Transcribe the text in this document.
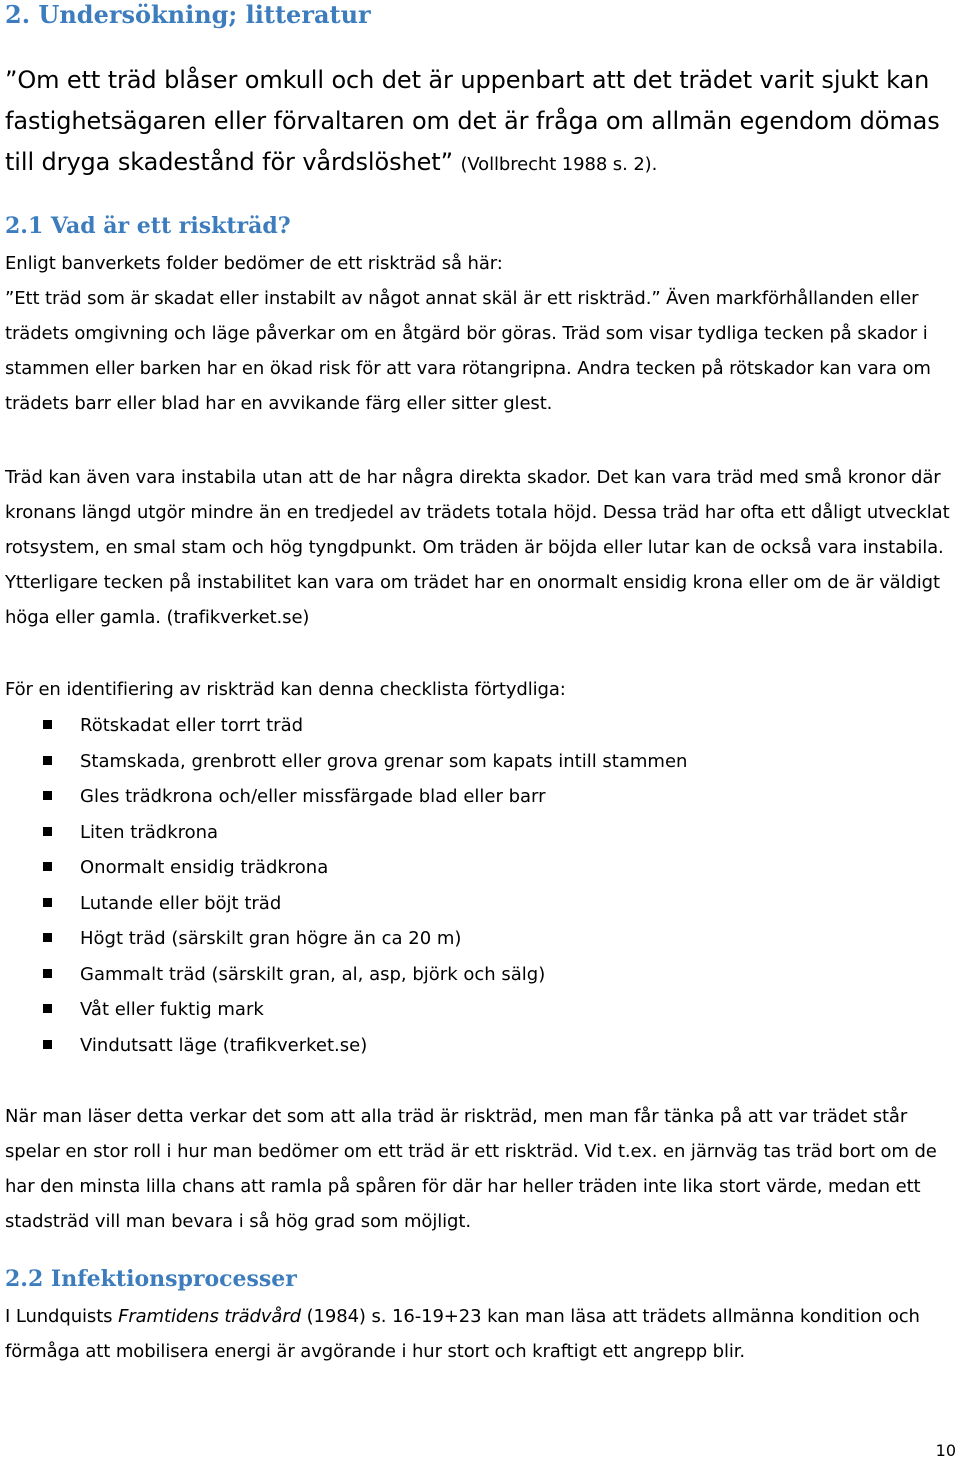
2. Undersökning; litteratur
”Om ett träd blåser omkull och det är uppenbart att det trädet varit sjukt kan fastighetsägaren eller förvaltaren om det är fråga om allmän egendom dömas till dryga skadestånd för vårdslöshet” (Vollbrecht 1988 s. 2).
2.1 Vad är ett riskträd?
Enligt banverkets folder bedömer de ett riskträd så här:
”Ett träd som är skadat eller instabilt av något annat skäl är ett riskträd.” Även markförhållanden eller trädets omgivning och läge påverkar om en åtgärd bör göras. Träd som visar tydliga tecken på skador i stammen eller barken har en ökad risk för att vara rötangripna. Andra tecken på rötskador kan vara om trädets barr eller blad har en avvikande färg eller sitter glest.
Träd kan även vara instabila utan att de har några direkta skador. Det kan vara träd med små kronor där kronans längd utgör mindre än en tredjedel av trädets totala höjd. Dessa träd har ofta ett dåligt utvecklat rotsystem, en smal stam och hög tyngdpunkt. Om träden är böjda eller lutar kan de också vara instabila. Ytterligare tecken på instabilitet kan vara om trädet har en onormalt ensidig krona eller om de är väldigt höga eller gamla. (trafikverket.se)
För en identifiering av riskträd kan denna checklista förtydliga:
Rötskadat eller torrt träd
Stamskada, grenbrott eller grova grenar som kapats intill stammen
Gles trädkrona och/eller missfärgade blad eller barr
Liten trädkrona
Onormalt ensidig trädkrona
Lutande eller böjt träd
Högt träd (särskilt gran högre än ca 20 m)
Gammalt träd (särskilt gran, al, asp, björk och sälg)
Våt eller fuktig mark
Vindutsatt läge (trafikverket.se)
När man läser detta verkar det som att alla träd är riskträd, men man får tänka på att var trädet står spelar en stor roll i hur man bedömer om ett träd är ett riskträd. Vid t.ex. en järnväg tas träd bort om de har den minsta lilla chans att ramla på spåren för där har heller träden inte lika stort värde, medan ett stadsträd vill man bevara i så hög grad som möjligt.
2.2 Infektionsprocesser
I Lundquists Framtidens trädvård (1984) s. 16-19+23 kan man läsa att trädets allmänna kondition och förmåga att mobilisera energi är avgörande i hur stort och kraftigt ett angrepp blir.
10
